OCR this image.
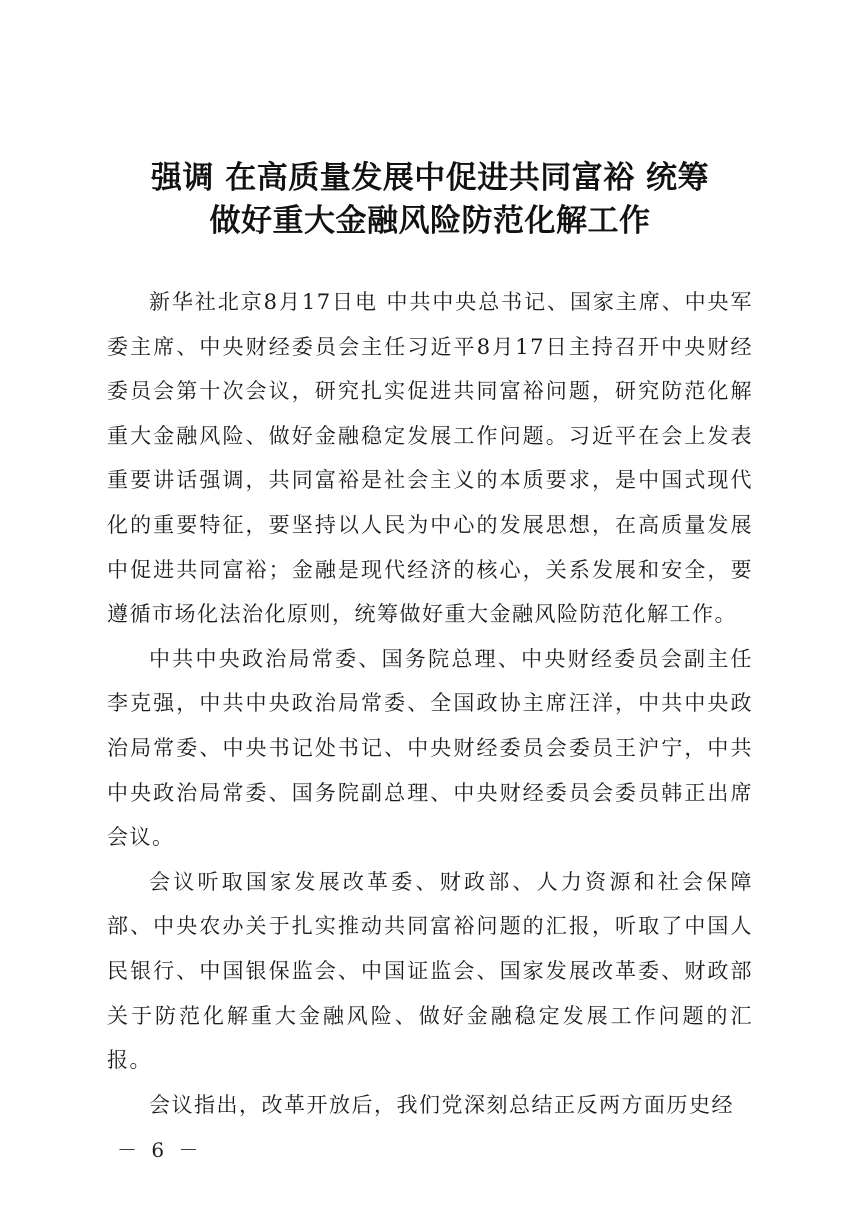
强调 在高质量发展中促进共同富裕 统筹
做好重大金融风险防范化解工作

新华社北京8月17日电 中共中央总书记、国家主席、中央军委主席、中央财经委员会主任习近平8月17日主持召开中央财经委员会第十次会议，研究扎实促进共同富裕问题，研究防范化解重大金融风险、做好金融稳定发展工作问题。习近平在会上发表重要讲话强调，共同富裕是社会主义的本质要求，是中国式现代化的重要特征，要坚持以人民为中心的发展思想，在高质量发展中促进共同富裕；金融是现代经济的核心，关系发展和安全，要遵循市场化法治化原则，统筹做好重大金融风险防范化解工作。

中共中央政治局常委、国务院总理、中央财经委员会副主任李克强，中共中央政治局常委、全国政协主席汪洋，中共中央政治局常委、中央书记处书记、中央财经委员会委员王沪宁，中共中央政治局常委、国务院副总理、中央财经委员会委员韩正出席会议。

会议听取国家发展改革委、财政部、人力资源和社会保障部、中央农办关于扎实推动共同富裕问题的汇报，听取了中国人民银行、中国银保监会、中国证监会、国家发展改革委、财政部关于防范化解重大金融风险、做好金融稳定发展工作问题的汇报。

会议指出，改革开放后，我们党深刻总结正反两方面历史经

－ 6 －
